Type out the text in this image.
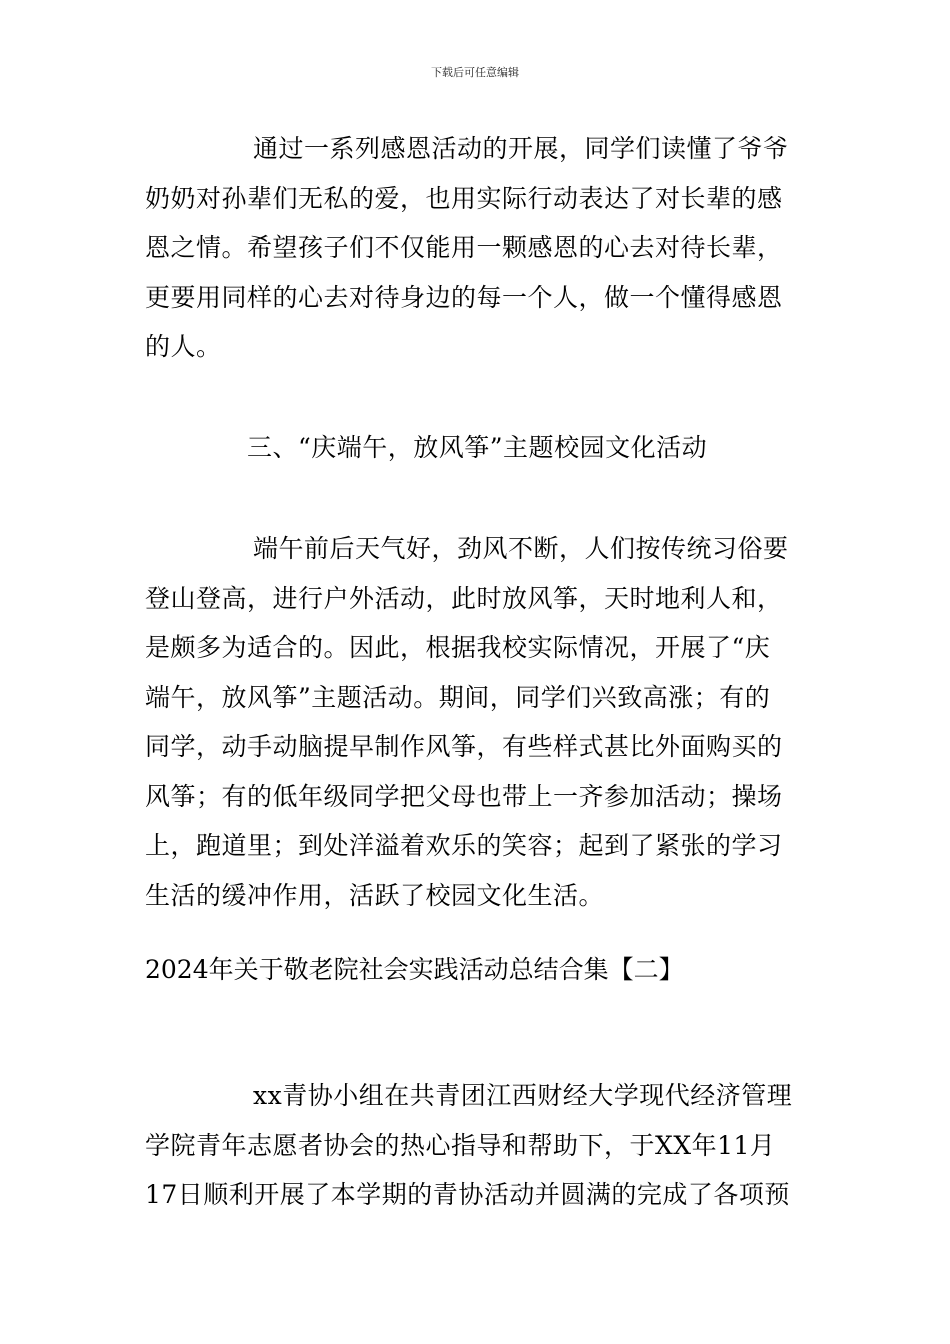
下载后可任意编辑
通过一系列感恩活动的开展，同学们读懂了爷爷
奶奶对孙辈们无私的爱，也用实际行动表达了对长辈的感
恩之情。希望孩子们不仅能用一颗感恩的心去对待长辈，
更要用同样的心去对待身边的每一个人，做一个懂得感恩
的人。
三、“庆端午，放风筝”主题校园文化活动
端午前后天气好，劲风不断，人们按传统习俗要
登山登高，进行户外活动，此时放风筝，天时地利人和，
是颇多为适合的。因此，根据我校实际情况，开展了“庆
端午，放风筝”主题活动。期间，同学们兴致高涨；有的
同学，动手动脑提早制作风筝，有些样式甚比外面购买的
风筝；有的低年级同学把父母也带上一齐参加活动；操场
上，跑道里；到处洋溢着欢乐的笑容；起到了紧张的学习
生活的缓冲作用，活跃了校园文化生活。
2024年关于敬老院社会实践活动总结合集【二】
xx青协小组在共青团江西财经大学现代经济管理
学院青年志愿者协会的热心指导和帮助下，于XX年11月
17日顺利开展了本学期的青协活动并圆满的完成了各项预
